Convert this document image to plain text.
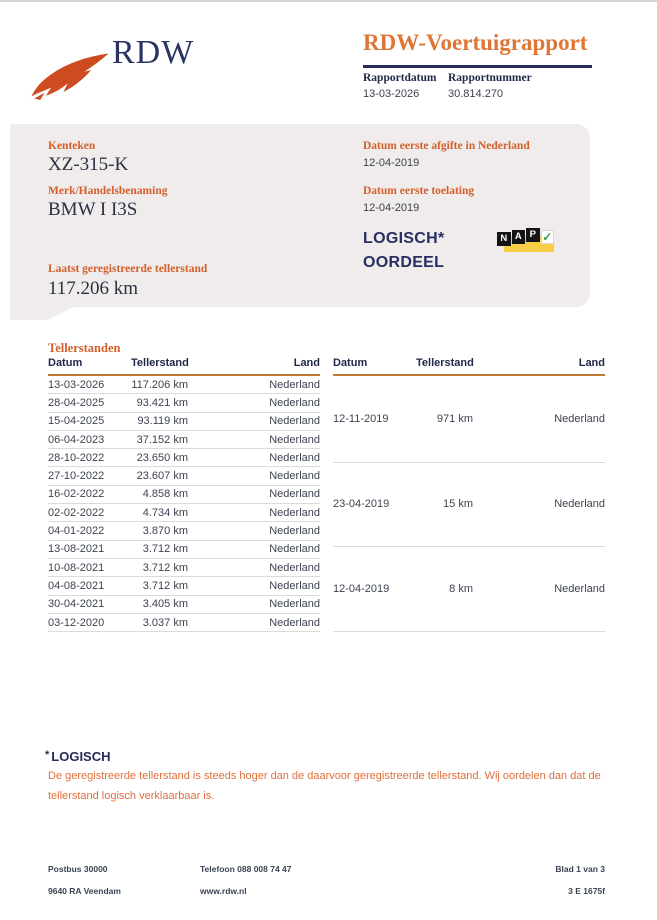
RDW	RDW-Voertuigrapport
Rapportdatum Rapportnummer
13-03-2026	30.814.270
Kenteken
XZ-315-K
Merk/Handelsbenaming
BMW I I3S
Laatst geregistreerde tellerstand
117.206 km
Datum eerste afgifte in Nederland
12-04-2019
Datum eerste toelating
12-04-2019
LOGISCH*
OORDEEL
N A P ✓
Tellerstanden
Datum	Tellerstand	Land
13-03-2026	117.206 km	Nederland
28-04-2025	93.421 km	Nederland
15-04-2025	93.119 km	Nederland
06-04-2023	37.152 km	Nederland
28-10-2022	23.650 km	Nederland
27-10-2022	23.607 km	Nederland
16-02-2022	4.858 km	Nederland
02-02-2022	4.734 km	Nederland
04-01-2022	3.870 km	Nederland
13-08-2021	3.712 km	Nederland
10-08-2021	3.712 km	Nederland
04-08-2021	3.712 km	Nederland
30-04-2021	3.405 km	Nederland
03-12-2020	3.037 km	Nederland
Datum	Tellerstand	Land
12-11-2019	971 km	Nederland
23-04-2019	15 km	Nederland
12-04-2019	8 km	Nederland
* LOGISCH
De geregistreerde tellerstand is steeds hoger dan de daarvoor geregistreerde tellerstand. Wij oordelen dan dat de tellerstand logisch verklaarbaar is.
Postbus 30000
9640 RA Veendam
Telefoon 088 008 74 47
www.rdw.nl
Blad 1 van 3
3 E 1675f
